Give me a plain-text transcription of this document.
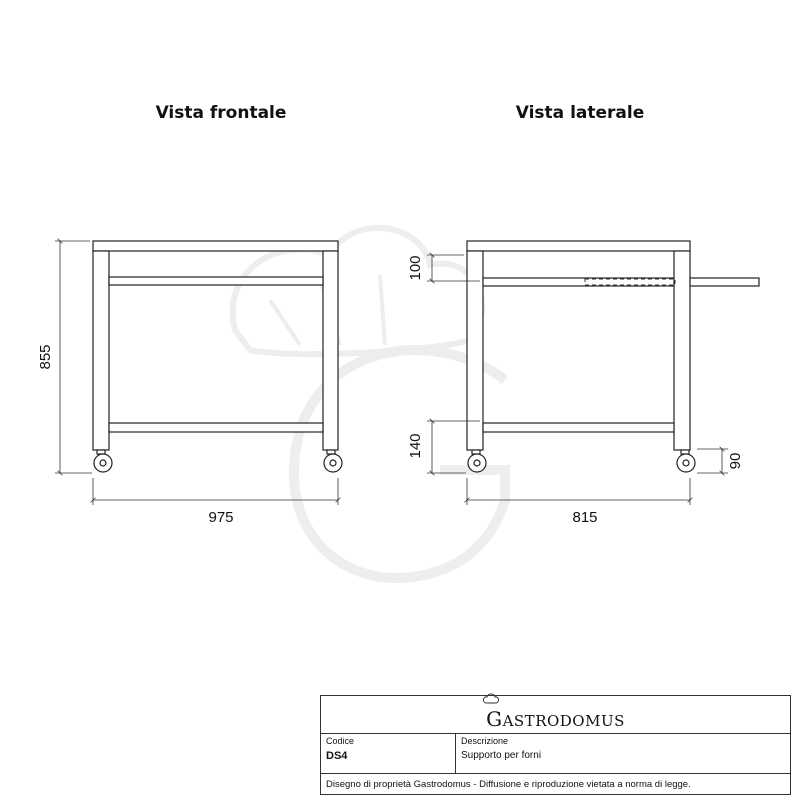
Vista frontale	Vista laterale
855
975
100
140
90
815
GASTRODOMUS
Codice
DS4
Descrizione
Supporto per forni
Disegno di proprietà Gastrodomus - Diffusione e riproduzione vietata a norma di legge.
